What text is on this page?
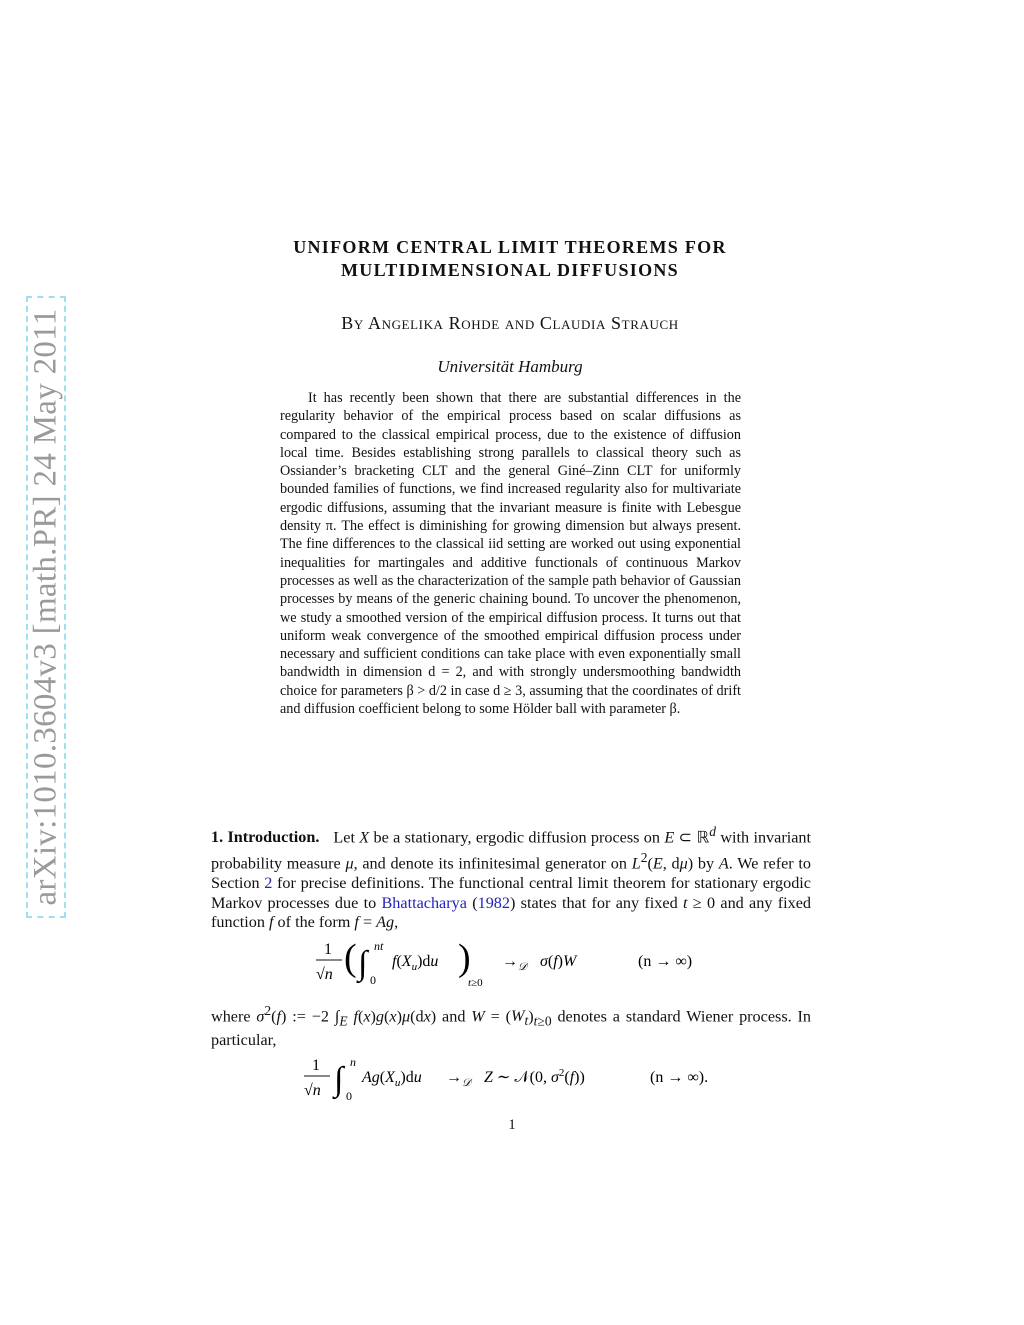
arXiv:1010.3604v3 [math.PR] 24 May 2011
UNIFORM CENTRAL LIMIT THEOREMS FOR
MULTIDIMENSIONAL DIFFUSIONS
By Angelika Rohde and Claudia Strauch
Universität Hamburg
It has recently been shown that there are substantial differences in the regularity behavior of the empirical process based on scalar diffusions as compared to the classical empirical process, due to the existence of diffusion local time. Besides establishing strong parallels to classical theory such as Ossiander’s bracketing CLT and the general Giné–Zinn CLT for uniformly bounded families of functions, we find increased regularity also for multivariate ergodic diffusions, assuming that the invariant measure is finite with Lebesgue density π. The effect is diminishing for growing dimension but always present. The fine differences to the classical iid setting are worked out using exponential inequalities for martingales and additive functionals of continuous Markov processes as well as the characterization of the sample path behavior of Gaussian processes by means of the generic chaining bound. To uncover the phenomenon, we study a smoothed version of the empirical diffusion process. It turns out that uniform weak convergence of the smoothed empirical diffusion process under necessary and sufficient conditions can take place with even exponentially small bandwidth in dimension d = 2, and with strongly undersmoothing bandwidth choice for parameters β > d/2 in case d ≥ 3, assuming that the coordinates of drift and diffusion coefficient belong to some Hölder ball with parameter β.
1. Introduction. Let X be a stationary, ergodic diffusion process on E ⊂ ℝ$^d$ with invariant probability measure μ, and denote its infinitesimal generator on $L^2(E$, dμ) by A. We refer to Section 2 for precise definitions. The functional central limit theorem for stationary ergodic Markov processes due to Bhattacharya (1982) states that for any fixed t ≥ 0 and any fixed function f of the form f = Ag,
1
√n ( ∫ nt
0
$f(X_u)du$ )
t≥0
$\to_𝒟$ σ(f)W	(n → ∞)
where $\sigma^2(f)$ := −2 $\int_E$ f(x)g(x)μ(dx) and $W = (W_t)_{t\ge 0}$ denotes a standard Wiener process. In particular,
1
√n ∫ n
0
$Ag(X_u)du \to_𝒟$ Z ∼ 𝒩(0, $\sigma^2(f)$)	(n → ∞).
1
